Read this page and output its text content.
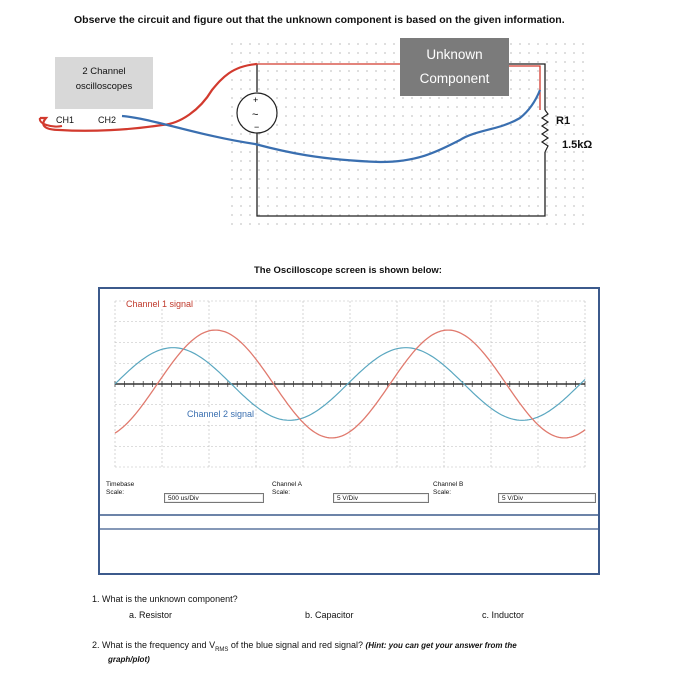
Observe the circuit and figure out that the unknown component is based on the given information.
+
~
−
2 Channel
oscilloscopes
CH1	CH2
Unknown
Component
R1
1.5kΩ
The Oscilloscope screen is shown below:
Channel 1 signal
Channel 2 signal
Timebase
Scale:
500 us/Div
Channel A
Scale:
5 V/Div
Channel B
Scale:
5 V/Div
1. What is the unknown component?
a. Resistor	b. Capacitor	c. Inductor
2. What is the frequency and $V_{RMS}$ of the blue signal and red signal? (Hint: you can get your answer from the
graph/plot)
